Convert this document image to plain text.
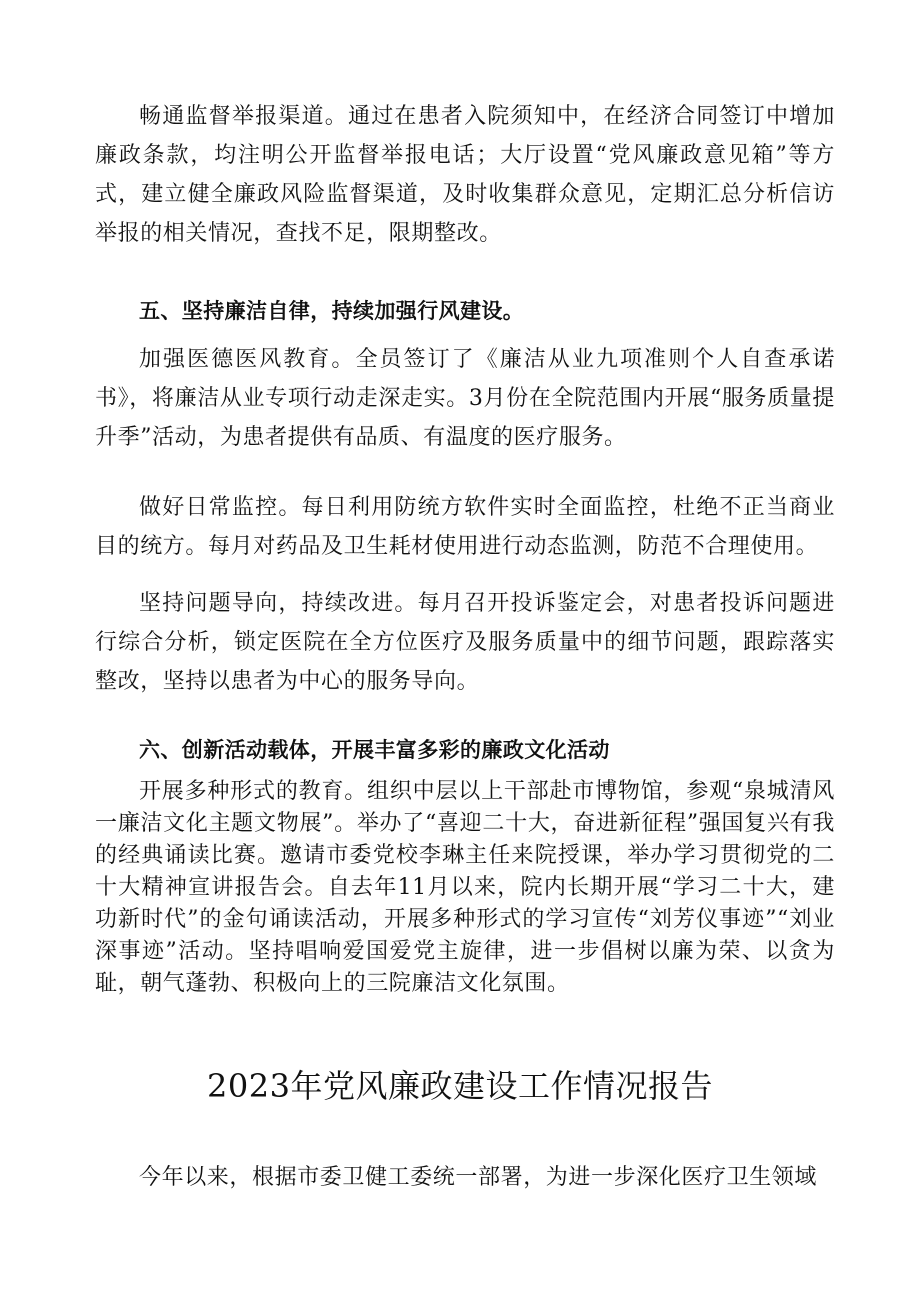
畅通监督举报渠道。通过在患者入院须知中，在经济合同签订中增加廉政条款，均注明公开监督举报电话；大厅设置“党风廉政意见箱”等方式，建立健全廉政风险监督渠道，及时收集群众意见，定期汇总分析信访举报的相关情况，查找不足，限期整改。

五、坚持廉洁自律，持续加强行风建设。

加强医德医风教育。全员签订了《廉洁从业九项准则个人自查承诺书》，将廉洁从业专项行动走深走实。3月份在全院范围内开展“服务质量提升季”活动，为患者提供有品质、有温度的医疗服务。

做好日常监控。每日利用防统方软件实时全面监控，杜绝不正当商业目的统方。每月对药品及卫生耗材使用进行动态监测，防范不合理使用。

坚持问题导向，持续改进。每月召开投诉鉴定会，对患者投诉问题进行综合分析，锁定医院在全方位医疗及服务质量中的细节问题，跟踪落实整改，坚持以患者为中心的服务导向。

六、创新活动载体，开展丰富多彩的廉政文化活动

开展多种形式的教育。组织中层以上干部赴市博物馆，参观“泉城清风一廉洁文化主题文物展”。举办了“喜迎二十大，奋进新征程”强国复兴有我的经典诵读比赛。邀请市委党校李琳主任来院授课，举办学习贯彻党的二十大精神宣讲报告会。自去年11月以来，院内长期开展“学习二十大，建功新时代”的金句诵读活动，开展多种形式的学习宣传“刘芳仪事迹”“刘业深事迹”活动。坚持唱响爱国爱党主旋律，进一步倡树以廉为荣、以贪为耻，朝气蓬勃、积极向上的三院廉洁文化氛围。

2023年党风廉政建设工作情况报告

今年以来，根据市委卫健工委统一部署，为进一步深化医疗卫生领域
